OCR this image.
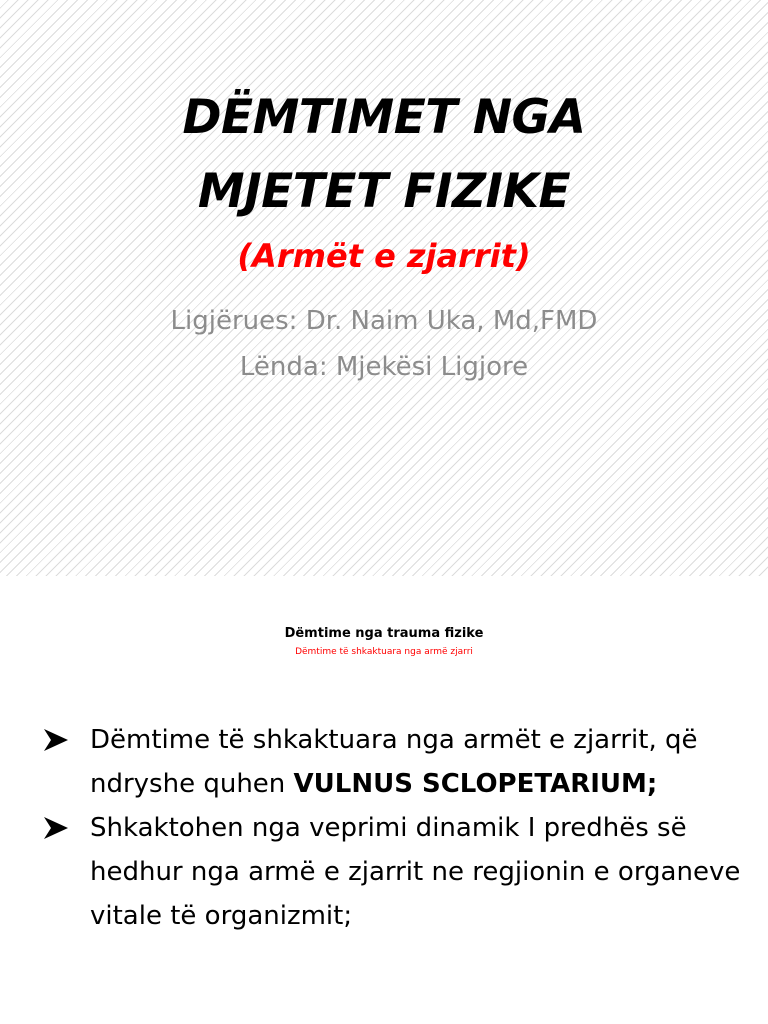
DËMTIMET NGA
MJETET FIZIKE
(Armët e zjarrit)
Ligjërues: Dr. Naim Uka, Md,FMD
Lënda: Mjekësi Ligjore
Dëmtime nga trauma fizike
Dëmtime të shkaktuara nga armë zjarri
Dëmtime të shkaktuara nga armët e zjarrit, që ndryshe quhen VULNUS SCLOPETARIUM;
Shkaktohen nga veprimi dinamik I predhës së hedhur nga armë e zjarrit ne regjionin e organeve vitale të organizmit;
